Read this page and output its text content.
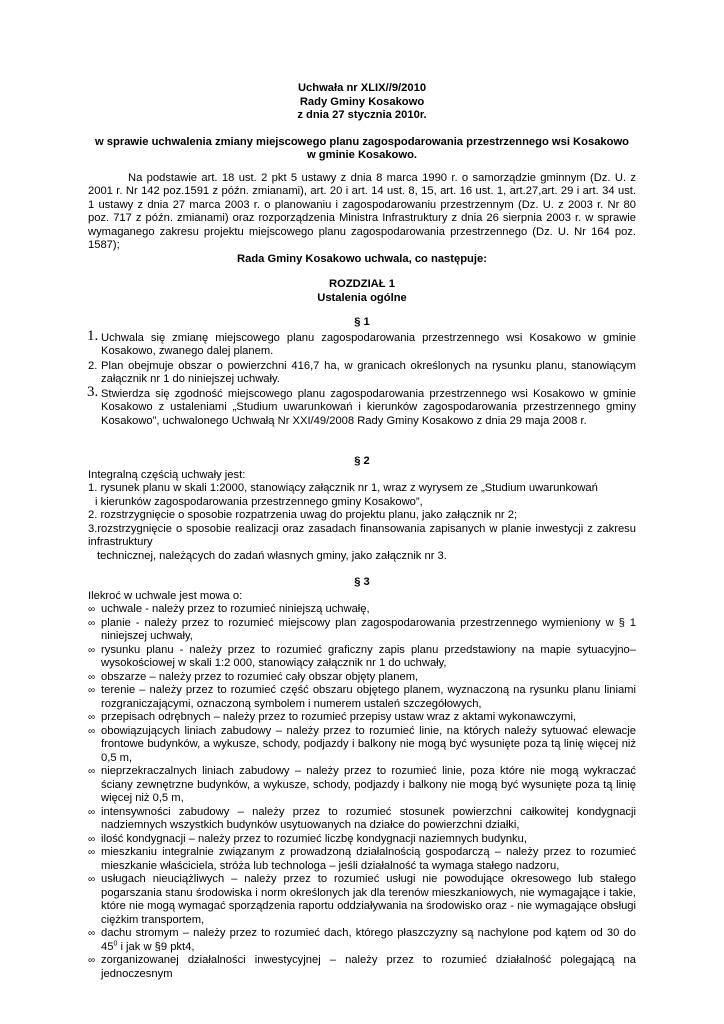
Uchwała nr XLIX//9/2010
Rady Gminy Kosakowo
z dnia 27 stycznia 2010r.
w sprawie uchwalenia zmiany miejscowego planu zagospodarowania przestrzennego wsi Kosakowo
w gminie Kosakowo.
Na podstawie art. 18 ust. 2 pkt 5 ustawy z dnia 8 marca 1990 r. o samorządzie gminnym (Dz. U. z 2001 r. Nr 142 poz.1591 z późn. zmianami), art. 20 i art. 14 ust. 8, 15, art. 16 ust. 1, art.27,art. 29 i art. 34 ust. 1 ustawy z dnia 27 marca 2003 r. o planowaniu i zagospodarowaniu przestrzennym (Dz. U. z 2003 r. Nr 80 poz. 717 z późn. zmianami) oraz rozporządzenia Ministra Infrastruktury z dnia 26 sierpnia 2003 r. w sprawie wymaganego zakresu projektu miejscowego planu zagospodarowania przestrzennego (Dz. U. Nr 164 poz. 1587);
Rada Gminy Kosakowo uchwala, co następuje:
ROZDZIAŁ 1
Ustalenia ogólne
§ 1
1. Uchwala się zmianę miejscowego planu zagospodarowania przestrzennego wsi Kosakowo w gminie Kosakowo, zwanego dalej planem.
2. Plan obejmuje obszar o powierzchni 416,7 ha, w granicach określonych na rysunku planu, stanowiącym załącznik nr 1 do niniejszej uchwały.
3. Stwierdza się zgodność miejscowego planu zagospodarowania przestrzennego wsi Kosakowo w gminie Kosakowo z ustaleniami „Studium uwarunkowań i kierunków zagospodarowania przestrzennego gminy Kosakowo”, uchwalonego Uchwałą Nr XXI/49/2008 Rady Gminy Kosakowo z dnia 29 maja 2008 r.
§ 2
Integralną częścią uchwały jest:
1. rysunek planu w skali 1:2000, stanowiący załącznik nr 1, wraz z wyrysem ze „Studium uwarunkowań
i kierunków zagospodarowania przestrzennego gminy Kosakowo”,
2. rozstrzygnięcie o sposobie rozpatrzenia uwag do projektu planu, jako załącznik nr 2;
3.rozstrzygnięcie o sposobie realizacji oraz zasadach finansowania zapisanych w planie inwestycji z zakresu infrastruktury
technicznej, należących do zadań własnych gminy, jako załącznik nr 3.
§ 3
Ilekroć w uchwale jest mowa o:
∞ uchwale - należy przez to rozumieć niniejszą uchwałę,
∞ planie - należy przez to rozumieć miejscowy plan zagospodarowania przestrzennego wymieniony w § 1 niniejszej uchwały,
∞ rysunku planu - należy przez to rozumieć graficzny zapis planu przedstawiony na mapie sytuacyjno–wysokościowej w skali 1:2 000, stanowiący załącznik nr 1 do uchwały,
∞ obszarze – należy przez to rozumieć cały obszar objęty planem,
∞ terenie – należy przez to rozumieć część obszaru objętego planem, wyznaczoną na rysunku planu liniami rozgraniczającymi, oznaczoną symbolem i numerem ustaleń szczegółowych,
∞ przepisach odrębnych – należy przez to rozumieć przepisy ustaw wraz z aktami wykonawczymi,
∞ obowiązujących liniach zabudowy – należy przez to rozumieć linie, na których należy sytuować elewacje frontowe budynków, a wykusze, schody, podjazdy i balkony nie mogą być wysunięte poza tą linię więcej niż 0,5 m,
∞ nieprzekraczalnych liniach zabudowy – należy przez to rozumieć linie, poza które nie mogą wykraczać ściany zewnętrzne budynków, a wykusze, schody, podjazdy i balkony nie mogą być wysunięte poza tą linię więcej niż 0,5 m,
∞ intensywności zabudowy – należy przez to rozumieć stosunek powierzchni całkowitej kondygnacji nadziemnych wszystkich budynków usytuowanych na działce do powierzchni działki,
∞ ilość kondygnacji – należy przez to rozumieć liczbę kondygnacji naziemnych budynku,
∞ mieszkaniu integralnie związanym z prowadzoną działalnością gospodarczą – należy przez to rozumieć mieszkanie właściciela, stróża lub technologa – jeśli działalność ta wymaga stałego nadzoru,
∞ usługach nieuciążliwych – należy przez to rozumieć usługi nie powodujące okresowego lub stałego pogarszania stanu środowiska i norm określonych jak dla terenów mieszkaniowych, nie wymagające i takie, które nie mogą wymagać sporządzenia raportu oddziaływania na środowisko oraz - nie wymagające obsługi ciężkim transportem,
∞ dachu stromym – należy przez to rozumieć dach, którego płaszczyzny są nachylone pod kątem od 30 do $45^0$ i jak w §9 pkt4,
∞ zorganizowanej działalności inwestycyjnej – należy przez to rozumieć działalność polegającą na jednoczesnym
